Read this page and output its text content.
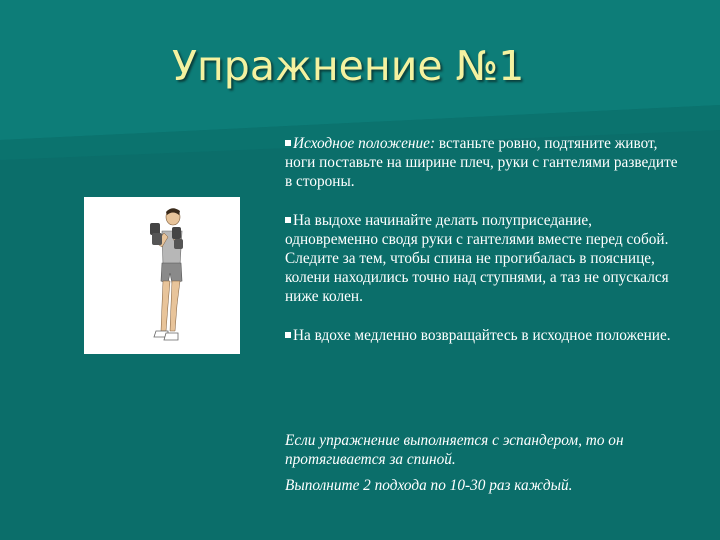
Упражнение №1

Исходное положение: встаньте ровно, подтяните живот, ноги поставьте на ширине плеч, руки с гантелями разведите в стороны.

На выдохе начинайте делать полуприседание, одновременно сводя руки с гантелями вместе перед собой. Следите за тем, чтобы спина не прогибалась в пояснице, колени находились точно над ступнями, а таз не опускался ниже колен.

На вдохе медленно возвращайтесь в исходное положение.

Если упражнение выполняется с эспандером, то он протягивается за спиной.

Выполните 2 подхода по 10-30 раз каждый.
